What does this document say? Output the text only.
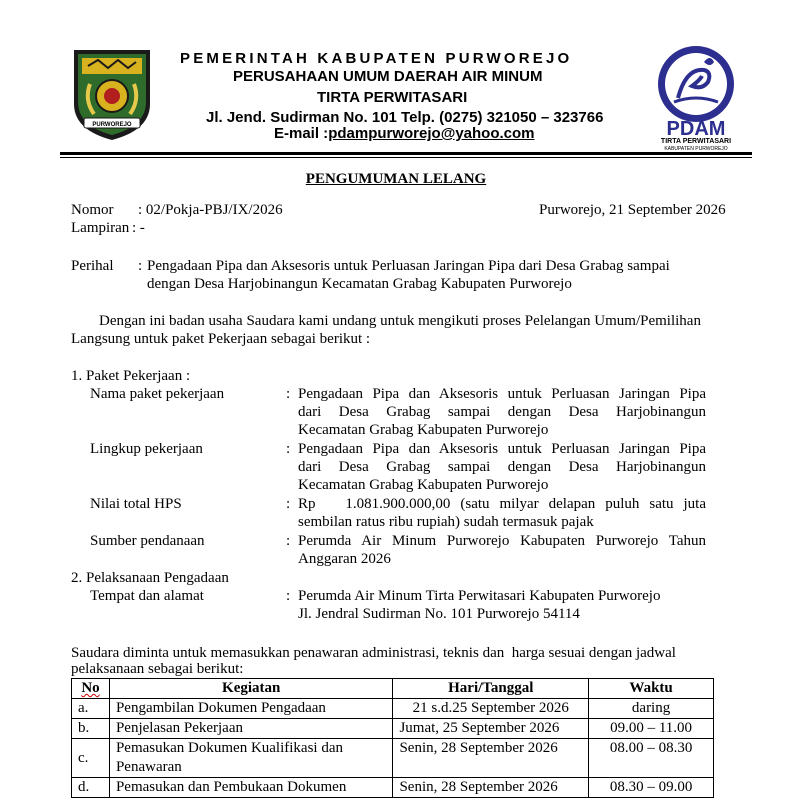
PURWOREJO
PEMERINTAH KABUPATEN PURWOREJO
PERUSAHAAN UMUM DAERAH AIR MINUM
TIRTA PERWITASARI
Jl. Jend. Sudirman No. 101 Telp. (0275) 321050 – 323766
E-mail :pdampurworejo@yahoo.com	PDAM
TIRTA PERWITASARI
KABUPATEN PURWOREJO
PENGUMUMAN LELANG
Nomor : 02/Pokja-PBJ/IX/2026	Purworejo, 21 September 2026
Lampiran : -
Perihal : Pengadaan Pipa dan Aksesoris untuk Perluasan Jaringan Pipa dari Desa Grabag sampai
dengan Desa Harjobinangun Kecamatan Grabag Kabupaten Purworejo
Dengan ini badan usaha Saudara kami undang untuk mengikuti proses Pelelangan Umum/Pemilihan
Langsung untuk paket Pekerjaan sebagai berikut :
1. Paket Pekerjaan :
Nama paket pekerjaan	: Pengadaan Pipa dan Aksesoris untuk Perluasan Jaringan Pipa
dari Desa Grabag sampai dengan Desa Harjobinangun
Kecamatan Grabag Kabupaten Purworejo
Lingkup pekerjaan	: Pengadaan Pipa dan Aksesoris untuk Perluasan Jaringan Pipa
dari Desa Grabag sampai dengan Desa Harjobinangun
Kecamatan Grabag Kabupaten Purworejo
Nilai total HPS	: Rp   1.081.900.000,00 (satu milyar delapan puluh satu juta
sembilan ratus ribu rupiah) sudah termasuk pajak
Sumber pendanaan	: Perumda Air Minum Purworejo Kabupaten Purworejo Tahun
Anggaran 2026
2. Pelaksanaan Pengadaan
Tempat dan alamat	: Perumda Air Minum Tirta Perwitasari Kabupaten Purworejo
Jl. Jendral Sudirman No. 101 Purworejo 54114
Saudara diminta untuk memasukkan penawaran administrasi, teknis dan  harga sesuai dengan jadwal
pelaksanaan sebagai berikut:
No	Kegiatan	Hari/Tanggal	Waktu
a.	Pengambilan Dokumen Pengadaan	21 s.d.25 September 2026	daring
b.	Penjelasan Pekerjaan	Jumat, 25 September 2026	09.00 – 11.00
c.	Pemasukan Dokumen Kualifikasi dan Penawaran	Senin, 28 September 2026	08.00 – 08.30
d.	Pemasukan dan Pembukaan Dokumen	Senin, 28 September 2026	08.30 – 09.00
